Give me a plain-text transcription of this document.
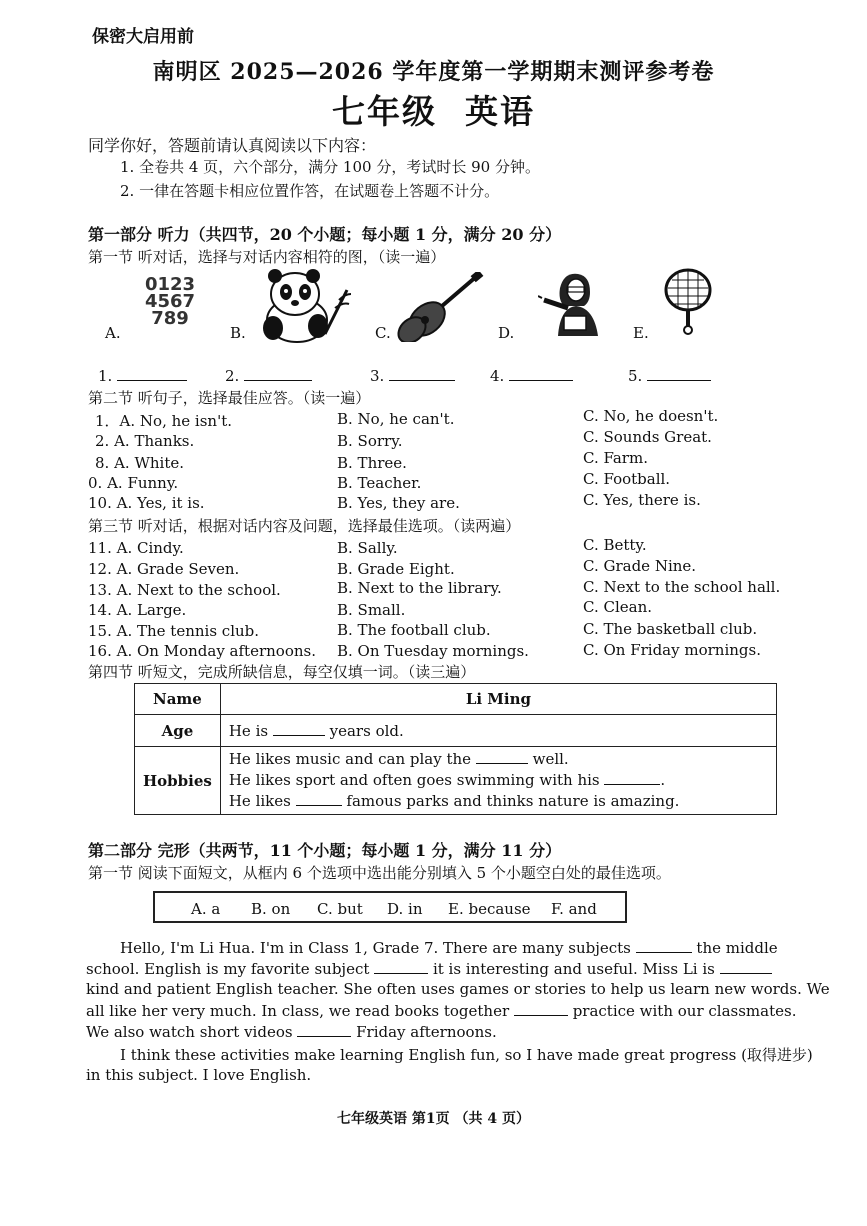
保密大启用前
南明区 2025—2026 学年度第一学期期末测评参考卷
七年级 英语
同学你好，答题前请认真阅读以下内容：
1. 全卷共 4 页，六个部分，满分 100 分，考试时长 90 分钟。
2. 一律在答题卡相应位置作答，在试题卷上答题不计分。
第一部分 听力（共四节，20 个小题；每小题 1 分，满分 20 分）
第一节 听对话，选择与对话内容相符的图，（读一遍）
0123
4567
789
A.	B.	C.	D.	E.
1.	2.	3.	4.	5.
第二节 听句子，选择最佳应答。（读一遍）
1．A. No, he isn't.	B. No, he can't.	C. No, he doesn't.
2. A. Thanks.	B. Sorry.	C. Sounds Great.
8. A. White.	B. Three.	C. Farm.
0. A. Funny.	B. Teacher.	C. Football.
10. A. Yes, it is.	B. Yes, they are.	C. Yes, there is.
第三节 听对话，根据对话内容及问题，选择最佳选项。（读两遍）
11. A. Cindy.	B. Sally.	C. Betty.
12. A. Grade Seven.	B. Grade Eight.	C. Grade Nine.
13. A. Next to the school.	B. Next to the library.	C. Next to the school hall.
14. A. Large.	B. Small.	C. Clean.
15. A. The tennis club.	B. The football club.	C. The basketball club.
16. A. On Monday afternoons. B. On Tuesday mornings.	C. On Friday mornings.
第四节 听短文，完成所缺信息，每空仅填一词。（读三遍）
Name	Li Ming
Age	He is years old.
Hobbies	He likes music and can play the well.
He likes sport and often goes swimming with his .
He likes famous parks and thinks nature is amazing.
第二部分 完形（共两节，11 个小题；每小题 1 分，满分 11 分）
第一节 阅读下面短文，从框内 6 个选项中选出能分别填入 5 个小题空白处的最佳选项。
A. a B. on C. but D. in E. because F. and
Hello, I'm Li Hua. I'm in Class 1, Grade 7. There are many subjects	the middle
school. English is my favorite subject	it is interesting and useful. Miss Li is
kind and patient English teacher. She often uses games or stories to help us learn new words. We
all like her very much. In class, we read books together	practice with our classmates.
We also watch short videos	Friday afternoons.
I think these activities make learning English fun, so I have made great progress (取得进步)
in this subject. I love English.
七年级英语 第1页 （共 4 页）
